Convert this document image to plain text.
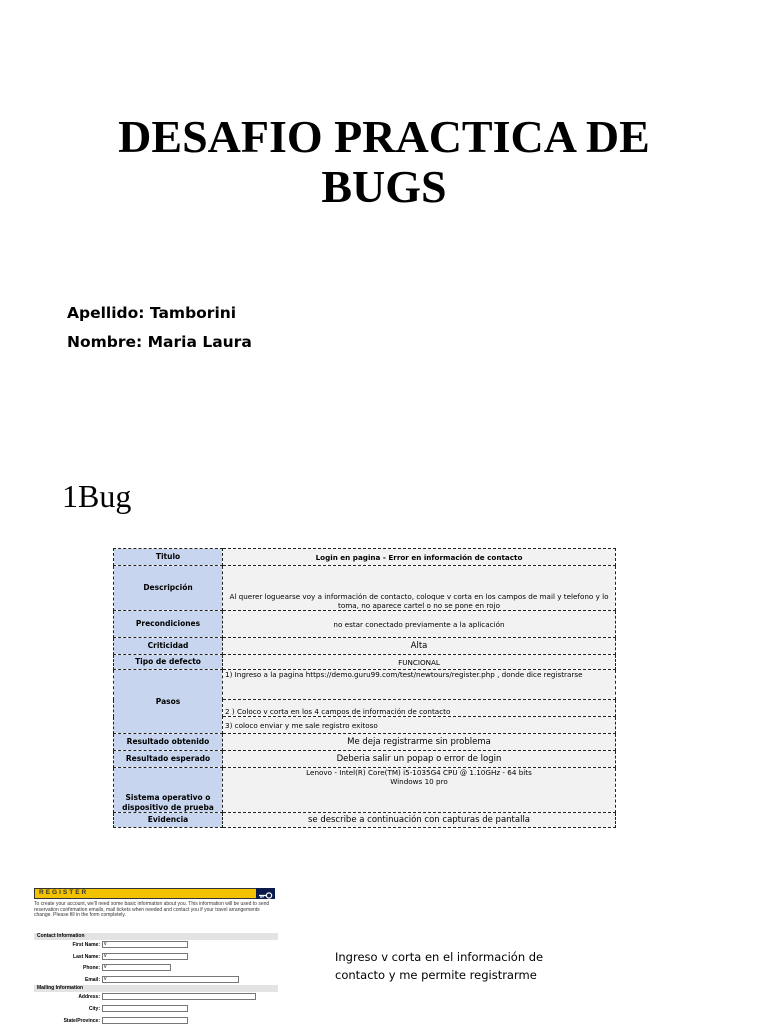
DESAFIO PRACTICA DE
BUGS
Apellido: Tamborini
Nombre: Maria Laura
1Bug
Titulo	Login en pagina - Error en información de contacto
Descripción	Al querer loguearse voy a información de contacto, coloque v corta en los campos de mail y telefono y lo toma, no aparece cartel o no se pone en rojo
Precondiciones	no estar conectado previamente a la aplicación
Criticidad	Alta
Tipo de defecto	FUNCIONAL
Pasos	1) Ingreso a la pagina https://demo.guru99.com/test/newtours/register.php , donde dice registrarse
	2 ) Coloco v corta en los 4 campos de información de contacto
	3) coloco enviar y me sale registro exitoso
Resultado obtenido	Me deja registrarme sin problema
Resultado esperado	Deberia salir un popap o error de login
Sistema operativo o dispositivo de prueba	Lenovo - Intel(R) Core(TM) i5-1035G4 CPU @ 1.10GHz - 64 bits
Windows 10 pro

Evidencia	se describe a continuación con capturas de pantalla
REGISTER
To create your account, we'll need some basic information about you. This information will be used to send reservation confirmation emails, mail tickets when needed and contact you if your travel arrangements change. Please fill in the form completely.
Contact Information
First Name: v
Last Name: v
Phone: v
Email: v
Mailing Information
Address:
City:
State/Province:
Ingreso v corta en el información de contacto y me permite registrarme
